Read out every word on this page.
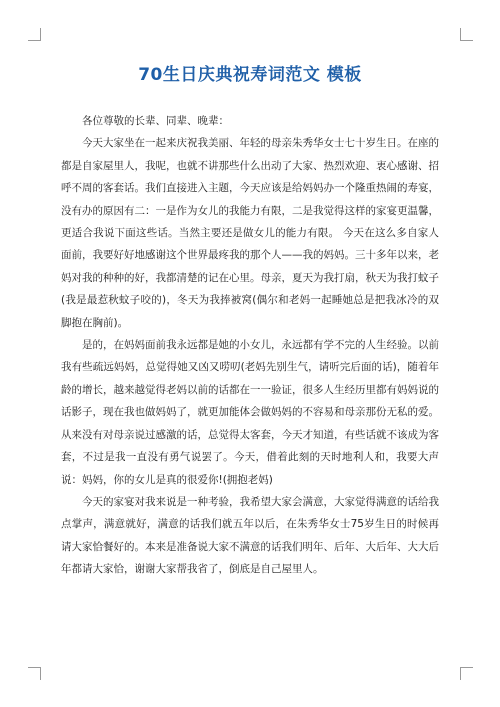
70生日庆典祝寿词范文 模板

各位尊敬的长辈、同辈、晚辈：

今天大家坐在一起来庆祝我美丽、年轻的母亲朱秀华女士七十岁生日。在座的都是自家屋里人，我呢，也就不讲那些什么出动了大家、热烈欢迎、衷心感谢、招呼不周的客套话。我们直接进入主题，今天应该是给妈妈办一个隆重热闹的寿宴，没有办的原因有二：一是作为女儿的我能力有限，二是我觉得这样的家宴更温馨，更适合我说下面这些话。当然主要还是做女儿的能力有限。 今天在这么多自家人面前，我要好好地感谢这个世界最疼我的那个人——我的妈妈。三十多年以来，老妈对我的种种的好，我都清楚的记在心里。母亲，夏天为我打扇，秋天为我打蚊子(我是最惹秋蚊子咬的)，冬天为我捧被窝(偶尔和老妈一起睡她总是把我冰冷的双脚抱在胸前)。

是的，在妈妈面前我永远都是她的小女儿，永远都有学不完的人生经验。以前我有些疏远妈妈，总觉得她又凶又唠叨(老妈先别生气，请听完后面的话)，随着年龄的增长，越来越觉得老妈以前的话都在一一验证，很多人生经历里都有妈妈说的话影子，现在我也做妈妈了，就更加能体会做妈妈的不容易和母亲那份无私的爱。从来没有对母亲说过感激的话，总觉得太客套，今天才知道，有些话就不该成为客套，不过是我一直没有勇气说罢了。今天，借着此刻的天时地利人和，我要大声说：妈妈，你的女儿是真的很爱你!(拥抱老妈)

今天的家宴对我来说是一种考验，我希望大家会满意，大家觉得满意的话给我点掌声，满意就好，满意的话我们就五年以后，在朱秀华女士75岁生日的时候再请大家恰餐好的。本来是准备说大家不满意的话我们明年、后年、大后年、大大后年都请大家恰，谢谢大家帮我省了，倒底是自己屋里人。
